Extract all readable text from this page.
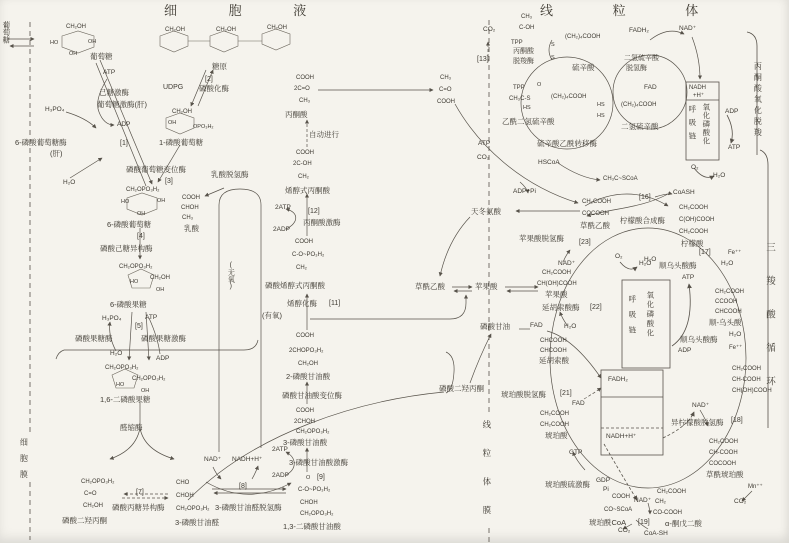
细 胞 液	线 粒 体
葡萄糖
细胞膜	线粒体膜
丙酮酸氧化脱羧
三羧酸循环
CH₂OH
HO	OH
OH 葡萄糖
ATP
己糖激酶
葡萄糖激酶(肝)
H₃PO₄
ADP
6-磷酸葡萄糖酶
(肝)
[1]
H₂O
CH₂OH	CH₂OH	CH₂OH
糖原
[2]
UDPG 磷酸化酶
CH₂OH
OH
OPO₃H₂
1-磷酸葡萄糖
磷酸葡萄糖变位酶
[3]
CH₂OPO₃H₂
HO	OH
OH
6-磷酸葡萄糖
[4]
磷酸己糖异构酶
CH₂OPO₃H₂
CH₂OH
HO
OH
6-磷酸果糖
H₃PO₄	ATP
[5]
磷酸果糖酶	磷酸果糖激酶
H₂O
ADP
CH₂OPO₃H₂
CH₂OPO₃H₂
HO
OH
1,6-二磷酸果糖
醛缩酶
CH₂OPO₃H₂
C=O
CH₂OH
磷酸二羟丙酮
[7]
磷酸丙糖异构酶
CHO
CHOH
CH₂OPO₃H₂
3-磷酸甘油醛
COOH
CHOH
CH₃
乳酸
乳酸脱氢酶
(无氧)
(有氧)
NAD⁺ NADH+H⁺
[8]
3-磷酸甘油醛脱氢酶
O
C-O~PO₃H₂
CHOH
CH₂OPO₃H₂
1,3-二磷酸甘油酸
2ADP	[9]
3-磷酸甘油酸激酶
2ATP
3-磷酸甘油酸
CH₂OPO₃H₂
2CHOH
COOH
磷酸甘油酸变位酶
2-磷酸甘油酸
CH₂OH
2CHOPO₃H₂
COOH
烯醇化酶 [11]
磷酸烯醇式丙酮酸
CH₂
C-O~PO₃H₂
COOH
丙酮酸激酶
[12]
2ATP
2ADP
烯醇式丙酮酸
CH₂
2C-OH
COOH
自动进行
CH₃
2C=O
COOH
丙酮酸
CH₃
C=O
COOH
ATP
CO₂
ADP+Pi
天冬氨酸
草酰乙酸	苹果酸
磷酸甘油	FAD
磷酸二羟丙酮
CO₂
[13]
TPP
丙酮酸
脱羧酶
CH₃
C-OH
(CH₂)₄COOH
S
S
硫辛酸
TPP O
CH₃C-S	(CH₂)₄COOH
HS
乙酰二氢硫辛酸
硫辛酸乙酰转移酶
HS	(CH₂)₄COOH
HS
二氢硫辛酸
二氢硫辛酸
脱氢酶
FADH₂	NAD⁺
FAD	NADH
+H⁺
呼吸链 氧化磷酸化 ADP
ATP
O₂
H₂O
HSCoA
CH₃C~SCoA
CH₂COOH
COCOOH
草酰乙酸
[16]
CoASH
柠檬酸合成酶
CH₂COOH
C(OH)COOH
CH₂COOH
柠檬酸
[17]	Fe⁺⁺
H₂O
顺乌头酸酶	H₂O
CH₂COOH
CCOOH
CHCOOH
顺-乌头酸
顺乌头酸酶
H₂O
Fe⁺⁺
CH₂COOH
CH-COOH
CH(OH)COOH
NAD⁺
异柠檬酸脱氢酶 [18]
CH₂COOH
CH-COOH
COCOOH
草酰琥珀酸
Mn⁺⁺
CO₂
CH₂COOH
CH₂
CO-COOH
α-酮戊二酸
[19]
NAD⁺
CoA-SH
CO₂
GDP
Pi
COOH
CO~SCoA
琥珀酰CoA
琥珀酸硫激酶
GTP
CH₂COOH
CH₂COOH
琥珀酸
琥珀酸脱氢酶 [21]
FAD
CHCOOH
CHCOOH
延胡索酸
延胡索酸酶 [22]
H₂O
CH₂COOH
CH(OH)COOH
苹果酸
苹果酸脱氢酶 [23]
NAD⁺
O₂
H₂O
呼吸链 氧化磷酸化
ATP
ADP
FADH₂
NADH+H⁺
